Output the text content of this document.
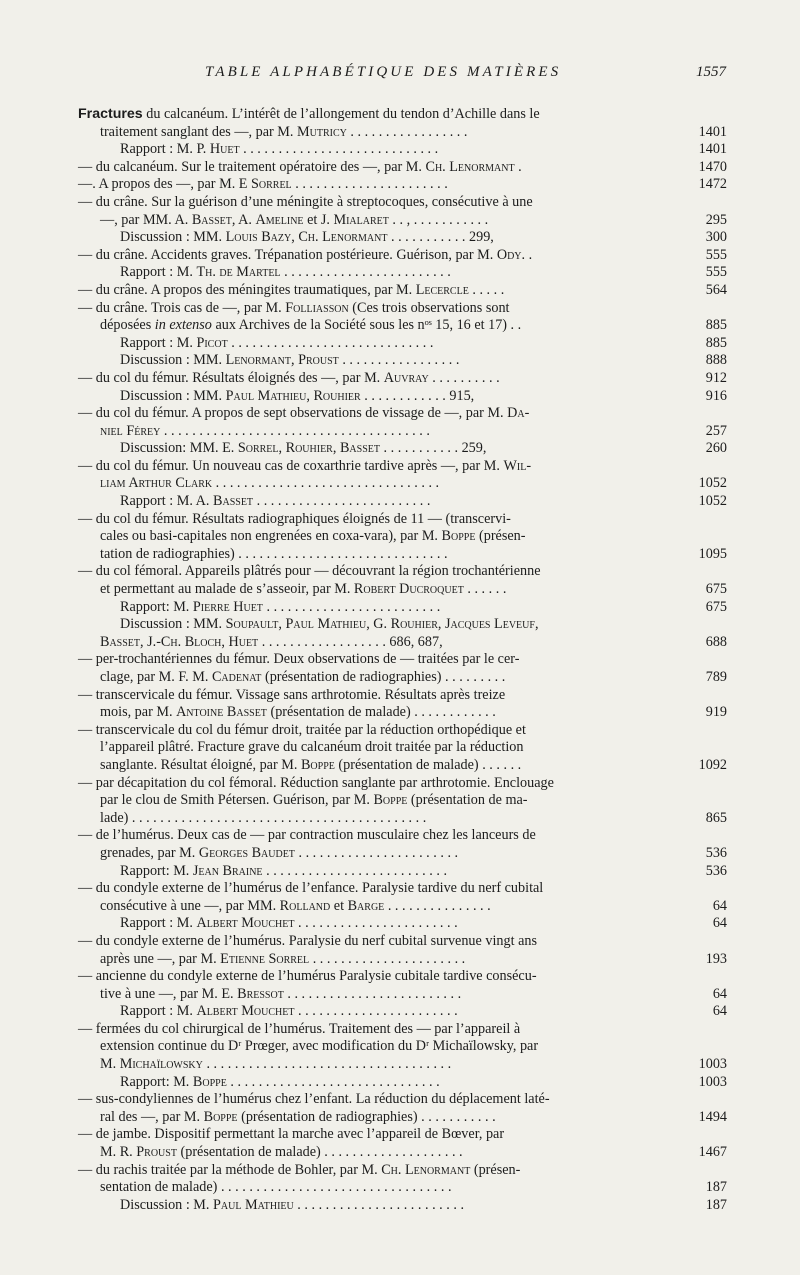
TABLE ALPHABÉTIQUE DES MATIÈRES	1557
Fractures du calcanéum. L’intérêt de l’allongement du tendon d’Achille dans le
traitement sanglant des —, par M. Mutricy . . . . . . . . . . . . . . . . .	1401
Rapport : M. P. Huet . . . . . . . . . . . . . . . . . . . . . . . . . . . .	1401
— du calcanéum. Sur le traitement opératoire des —, par M. Ch. Lenormant .	1470
—. A propos des —, par M. E Sorrel . . . . . . . . . . . . . . . . . . . . . .	1472
— du crâne. Sur la guérison d’une méningite à streptocoques, consécutive à une
—, par MM. A. Basset, A. Ameline et J. Mialaret . . , . . . . . . . . . . .	295
Discussion : MM. Louis Bazy, Ch. Lenormant . . . . . . . . . . . 299,	300
— du crâne. Accidents graves. Trépanation postérieure. Guérison, par M. Ody. .	555
Rapport : M. Th. de Martel . . . . . . . . . . . . . . . . . . . . . . . .	555
— du crâne. A propos des méningites traumatiques, par M. Lecercle . . . . .	564
— du crâne. Trois cas de —, par M. Folliasson (Ces trois observations sont
déposées in extenso aux Archives de la Société sous les nᵒˢ 15, 16 et 17) . .	885
Rapport : M. Picot . . . . . . . . . . . . . . . . . . . . . . . . . . . . .	885
Discussion : MM. Lenormant, Proust . . . . . . . . . . . . . . . . .	888
— du col du fémur. Résultats éloignés des —, par M. Auvray . . . . . . . . . .	912
Discussion : MM. Paul Mathieu, Rouhier . . . . . . . . . . . . 915,	916
— du col du fémur. A propos de sept observations de vissage de —, par M. Da-
niel Férey . . . . . . . . . . . . . . . . . . . . . . . . . . . . . . . . . . . . . .	257
Discussion: MM. E. Sorrel, Rouhier, Basset . . . . . . . . . . . 259,	260
— du col du fémur. Un nouveau cas de coxarthrie tardive après —, par M. Wil-
liam Arthur Clark . . . . . . . . . . . . . . . . . . . . . . . . . . . . . . . .	1052
Rapport : M. A. Basset . . . . . . . . . . . . . . . . . . . . . . . . .	1052
— du col du fémur. Résultats radiographiques éloignés de 11 — (transcervi-
cales ou basi-capitales non engrenées en coxa-vara), par M. Boppe (présen-
tation de radiographies) . . . . . . . . . . . . . . . . . . . . . . . . . . . . . .	1095
— du col fémoral. Appareils plâtrés pour — découvrant la région trochantérienne
et permettant au malade de s’asseoir, par M. Robert Ducroquet . . . . . .	675
Rapport: M. Pierre Huet . . . . . . . . . . . . . . . . . . . . . . . . .	675
Discussion : MM. Soupault, Paul Mathieu, G. Rouhier, Jacques Leveuf,
Basset, J.-Ch. Bloch, Huet . . . . . . . . . . . . . . . . . . 686, 687,	688
— per-trochantériennes du fémur. Deux observations de — traitées par le cer-
clage, par M. F. M. Cadenat (présentation de radiographies) . . . . . . . . .	789
— transcervicale du fémur. Vissage sans arthrotomie. Résultats après treize
mois, par M. Antoine Basset (présentation de malade) . . . . . . . . . . . .	919
— transcervicale du col du fémur droit, traitée par la réduction orthopédique et
l’appareil plâtré. Fracture grave du calcanéum droit traitée par la réduction
sanglante. Résultat éloigné, par M. Boppe (présentation de malade) . . . . . .	1092
— par décapitation du col fémoral. Réduction sanglante par arthrotomie. Enclouage
par le clou de Smith Pétersen. Guérison, par M. Boppe (présentation de ma-
lade) . . . . . . . . . . . . . . . . . . . . . . . . . . . . . . . . . . . . . . . . . .	865
— de l’humérus. Deux cas de — par contraction musculaire chez les lanceurs de
grenades, par M. Georges Baudet . . . . . . . . . . . . . . . . . . . . . . .	536
Rapport: M. Jean Braine . . . . . . . . . . . . . . . . . . . . . . . . . .	536
— du condyle externe de l’humérus de l’enfance. Paralysie tardive du nerf cubital
consécutive à une —, par MM. Rolland et Barge . . . . . . . . . . . . . . .	64
Rapport : M. Albert Mouchet . . . . . . . . . . . . . . . . . . . . . . .	64
— du condyle externe de l’humérus. Paralysie du nerf cubital survenue vingt ans
après une —, par M. Etienne Sorrel . . . . . . . . . . . . . . . . . . . . . .	193
— ancienne du condyle externe de l’humérus Paralysie cubitale tardive consécu-
tive à une —, par M. E. Bressot . . . . . . . . . . . . . . . . . . . . . . . . .	64
Rapport : M. Albert Mouchet . . . . . . . . . . . . . . . . . . . . . . .	64
— fermées du col chirurgical de l’humérus. Traitement des — par l’appareil à
extension continue du Dʳ Prœger, avec modification du Dʳ Michaïlowsky, par
M. Michaïlowsky . . . . . . . . . . . . . . . . . . . . . . . . . . . . . . . . . . .	1003
Rapport: M. Boppe . . . . . . . . . . . . . . . . . . . . . . . . . . . . . .	1003
— sus-condyliennes de l’humérus chez l’enfant. La réduction du déplacement laté-
ral des —, par M. Boppe (présentation de radiographies) . . . . . . . . . . .	1494
— de jambe. Dispositif permettant la marche avec l’appareil de Bœver, par
M. R. Proust (présentation de malade) . . . . . . . . . . . . . . . . . . . .	1467
— du rachis traitée par la méthode de Bohler, par M. Ch. Lenormant (présen-
sentation de malade) . . . . . . . . . . . . . . . . . . . . . . . . . . . . . . . . .	187
Discussion : M. Paul Mathieu . . . . . . . . . . . . . . . . . . . . . . . .	187
